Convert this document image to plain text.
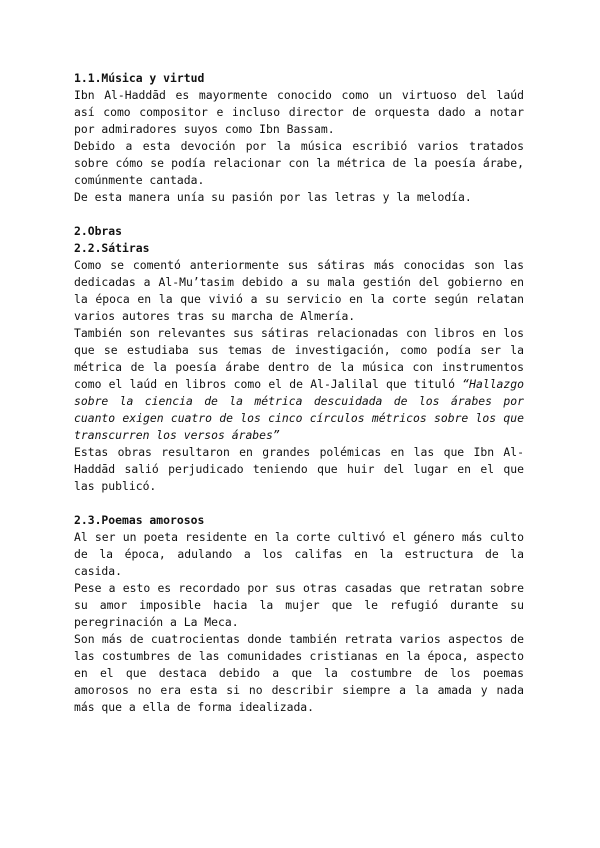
1.1.Música y virtud

Ibn Al-Haddād es mayormente conocido como un virtuoso del laúd así como compositor e incluso director de orquesta dado a notar por admiradores suyos como Ibn Bassam.

Debido a esta devoción por la música escribió varios tratados sobre cómo se podía relacionar con la métrica de la poesía árabe, comúnmente cantada.

De esta manera unía su pasión por las letras y la melodía.

2.Obras

2.2.Sátiras

Como se comentó anteriormente sus sátiras más conocidas son las dedicadas a Al-Mu’tasim debido a su mala gestión del gobierno en la época en la que vivió a su servicio en la corte según relatan varios autores tras su marcha de Almería.

También son relevantes sus sátiras relacionadas con libros en los que se estudiaba sus temas de investigación, como podía ser la métrica de la poesía árabe dentro de la música con instrumentos como el laúd en libros como el de Al-Jalilal que tituló “Hallazgo sobre la ciencia de la métrica descuidada de los árabes por cuanto exigen cuatro de los cinco círculos métricos sobre los que transcurren los versos árabes”

Estas obras resultaron en grandes polémicas en las que Ibn Al-Haddād salió perjudicado teniendo que huir del lugar en el que las publicó.

2.3.Poemas amorosos

Al ser un poeta residente en la corte cultivó el género más culto de la época, adulando a los califas en la estructura de la casida.

Pese a esto es recordado por sus otras casadas que retratan sobre su amor imposible hacia la mujer que le refugió durante su peregrinación a La Meca.

Son más de cuatrocientas donde también retrata varios aspectos de las costumbres de las comunidades cristianas en la época, aspecto en el que destaca debido a que la costumbre de los poemas amorosos no era esta si no describir siempre a la amada y nada más que a ella de forma idealizada.
